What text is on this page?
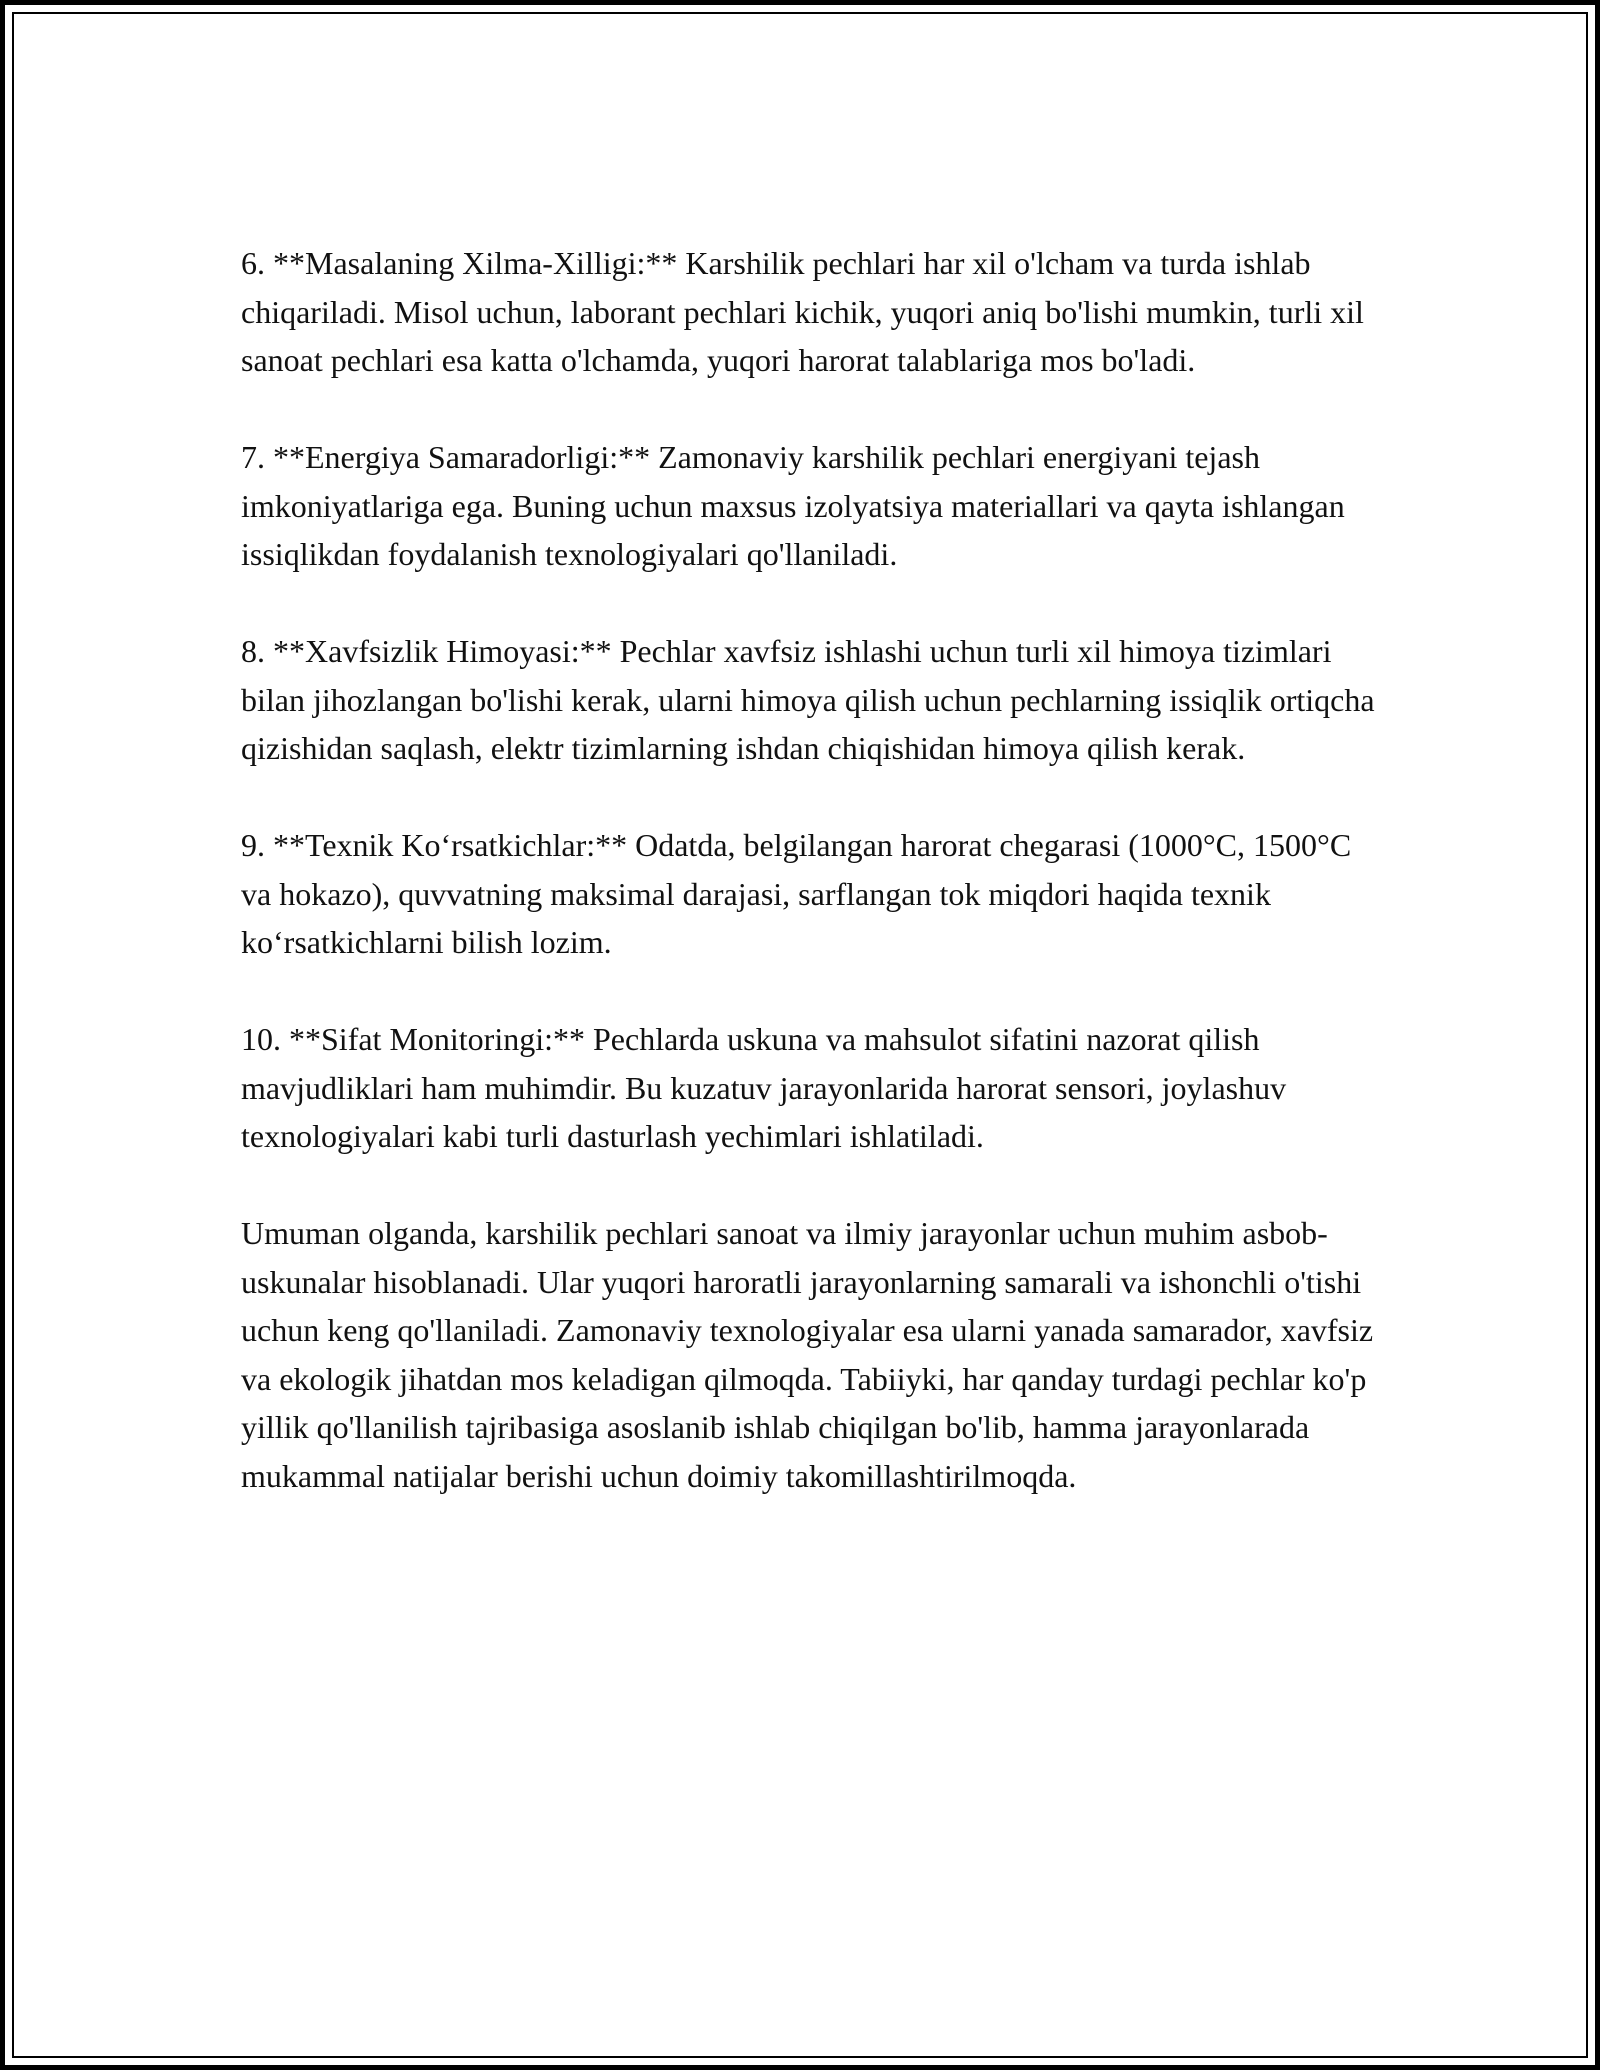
6. **Masalaning Xilma-Xilligi:** Karshilik pechlari har xil o'lcham va turda ishlab chiqariladi. Misol uchun, laborant pechlari kichik, yuqori aniq bo'lishi mumkin, turli xil sanoat pechlari esa katta o'lchamda, yuqori harorat talablariga mos bo'ladi.

7. **Energiya Samaradorligi:** Zamonaviy karshilik pechlari energiyani tejash imkoniyatlariga ega. Buning uchun maxsus izolyatsiya materiallari va qayta ishlangan issiqlikdan foydalanish texnologiyalari qo'llaniladi.

8. **Xavfsizlik Himoyasi:** Pechlar xavfsiz ishlashi uchun turli xil himoya tizimlari bilan jihozlangan bo'lishi kerak, ularni himoya qilish uchun pechlarning issiqlik ortiqcha qizishidan saqlash, elektr tizimlarning ishdan chiqishidan himoya qilish kerak.

9. **Texnik Koʻrsatkichlar:** Odatda, belgilangan harorat chegarasi (1000°C, 1500°C va hokazo), quvvatning maksimal darajasi, sarflangan tok miqdori haqida texnik koʻrsatkichlarni bilish lozim.

10. **Sifat Monitoringi:** Pechlarda uskuna va mahsulot sifatini nazorat qilish mavjudliklari ham muhimdir. Bu kuzatuv jarayonlarida harorat sensori, joylashuv texnologiyalari kabi turli dasturlash yechimlari ishlatiladi.

Umuman olganda, karshilik pechlari sanoat va ilmiy jarayonlar uchun muhim asbob-uskunalar hisoblanadi. Ular yuqori haroratli jarayonlarning samarali va ishonchli o'tishi uchun keng qo'llaniladi. Zamonaviy texnologiyalar esa ularni yanada samarador, xavfsiz va ekologik jihatdan mos keladigan qilmoqda. Tabiiyki, har qanday turdagi pechlar ko'p yillik qo'llanilish tajribasiga asoslanib ishlab chiqilgan bo'lib, hamma jarayonlarada mukammal natijalar berishi uchun doimiy takomillashtirilmoqda.
